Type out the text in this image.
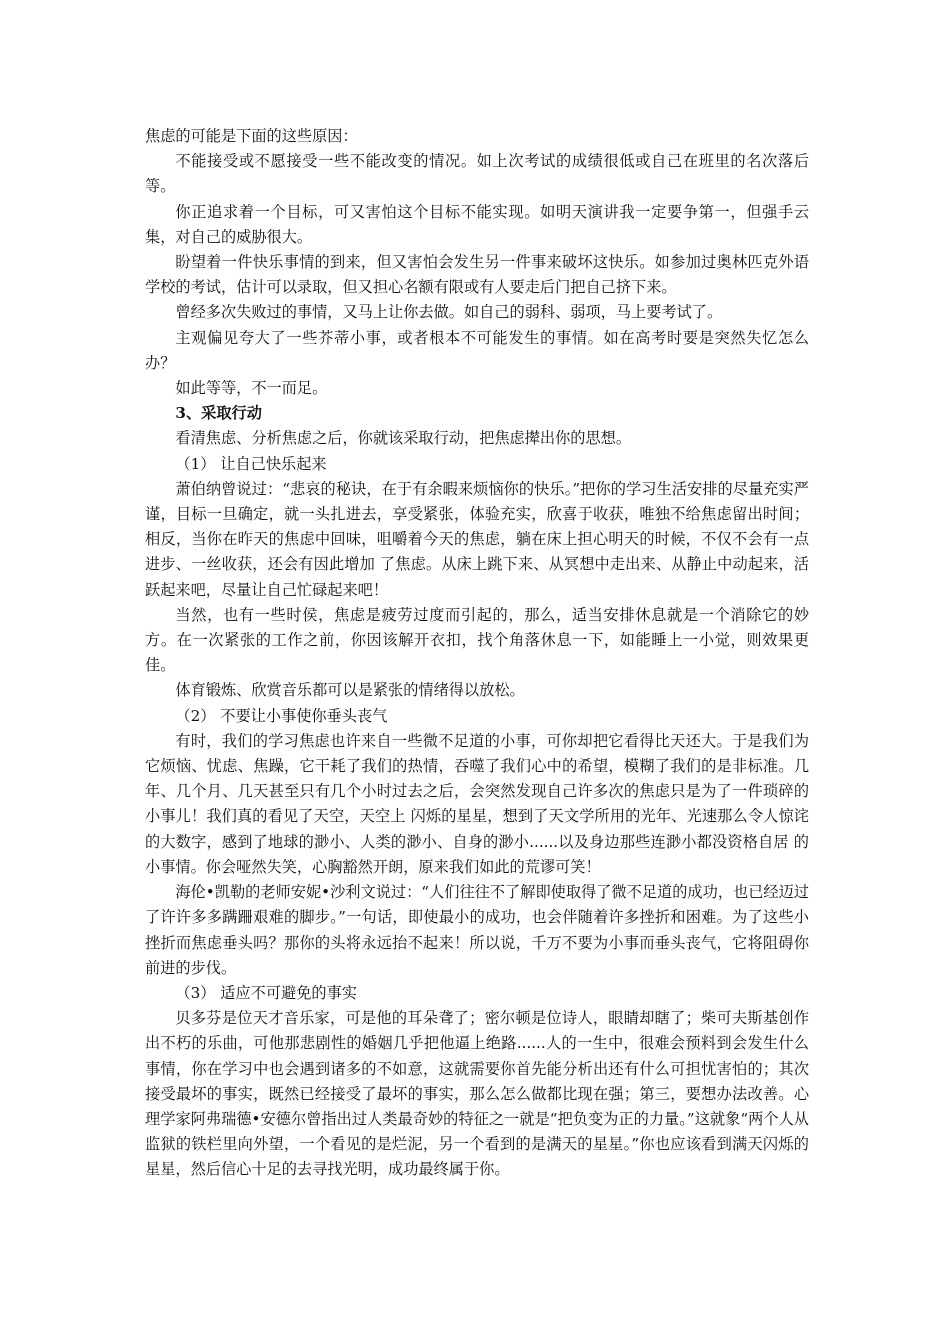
焦虑的可能是下面的这些原因：

不能接受或不愿接受一些不能改变的情况。如上次考试的成绩很低或自己在班里的名次落后等。

你正追求着一个目标，可又害怕这个目标不能实现。如明天演讲我一定要争第一，但强手云集，对自己的威胁很大。

盼望着一件快乐事情的到来，但又害怕会发生另一件事来破坏这快乐。如参加过奥林匹克外语学校的考试，估计可以录取，但又担心名额有限或有人要走后门把自己挤下来。

曾经多次失败过的事情，又马上让你去做。如自己的弱科、弱项，马上要考试了。

主观偏见夸大了一些芥蒂小事，或者根本不可能发生的事情。如在高考时要是突然失忆怎么办？

如此等等，不一而足。

3、采取行动

看清焦虑、分析焦虑之后，你就该采取行动，把焦虑撵出你的思想。

（1） 让自己快乐起来

萧伯纳曾说过：“悲哀的秘诀，在于有余暇来烦恼你的快乐。”把你的学习生活安排的尽量充实严谨，目标一旦确定，就一头扎进去，享受紧张，体验充实，欣喜于收获，唯独不给焦虑留出时间；相反，当你在昨天的焦虑中回味，咀嚼着今天的焦虑，躺在床上担心明天的时候，不仅不会有一点进步、一丝收获，还会有因此增加 了焦虑。从床上跳下来、从冥想中走出来、从静止中动起来，活跃起来吧，尽量让自己忙碌起来吧！

当然，也有一些时侯，焦虑是疲劳过度而引起的，那么，适当安排休息就是一个消除它的妙方。在一次紧张的工作之前，你因该解开衣扣，找个角落休息一下，如能睡上一小觉，则效果更佳。

体育锻炼、欣赏音乐都可以是紧张的情绪得以放松。

（2） 不要让小事使你垂头丧气

有时，我们的学习焦虑也许来自一些微不足道的小事，可你却把它看得比天还大。于是我们为它烦恼、忧虑、焦躁，它干耗了我们的热情，吞噬了我们心中的希望，模糊了我们的是非标准。几年、几个月、几天甚至只有几个小时过去之后，会突然发现自己许多次的焦虑只是为了一件琐碎的小事儿！我们真的看见了天空，天空上 闪烁的星星，想到了天文学所用的光年、光速那么令人惊诧的大数字，感到了地球的渺小、人类的渺小、自身的渺小......以及身边那些连渺小都没资格自居 的小事情。你会哑然失笑，心胸豁然开朗，原来我们如此的荒谬可笑！

海伦•凯勒的老师安妮•沙利文说过：“人们往往不了解即使取得了微不足道的成功，也已经迈过了许许多多蹒跚艰难的脚步。”一句话，即使最小的成功，也会伴随着许多挫折和困难。为了这些小挫折而焦虑垂头吗？那你的头将永远抬不起来！所以说，千万不要为小事而垂头丧气，它将阻碍你前进的步伐。

（3） 适应不可避免的事实

贝多芬是位天才音乐家，可是他的耳朵聋了；密尔顿是位诗人，眼睛却瞎了；柴可夫斯基创作出不朽的乐曲，可他那悲剧性的婚姻几乎把他逼上绝路......人的一生中，很难会预料到会发生什么事情，你在学习中也会遇到诸多的不如意，这就需要你首先能分析出还有什么可担忧害怕的；其次接受最坏的事实，既然已经接受了最坏的事实，那么怎么做都比现在强；第三，要想办法改善。心理学家阿弗瑞德•安德尔曾指出过人类最奇妙的特征之一就是“把负变为正的力量。”这就象“两个人从监狱的铁栏里向外望，一个看见的是烂泥，另一个看到的是满天的星星。”你也应该看到满天闪烁的星星，然后信心十足的去寻找光明，成功最终属于你。
